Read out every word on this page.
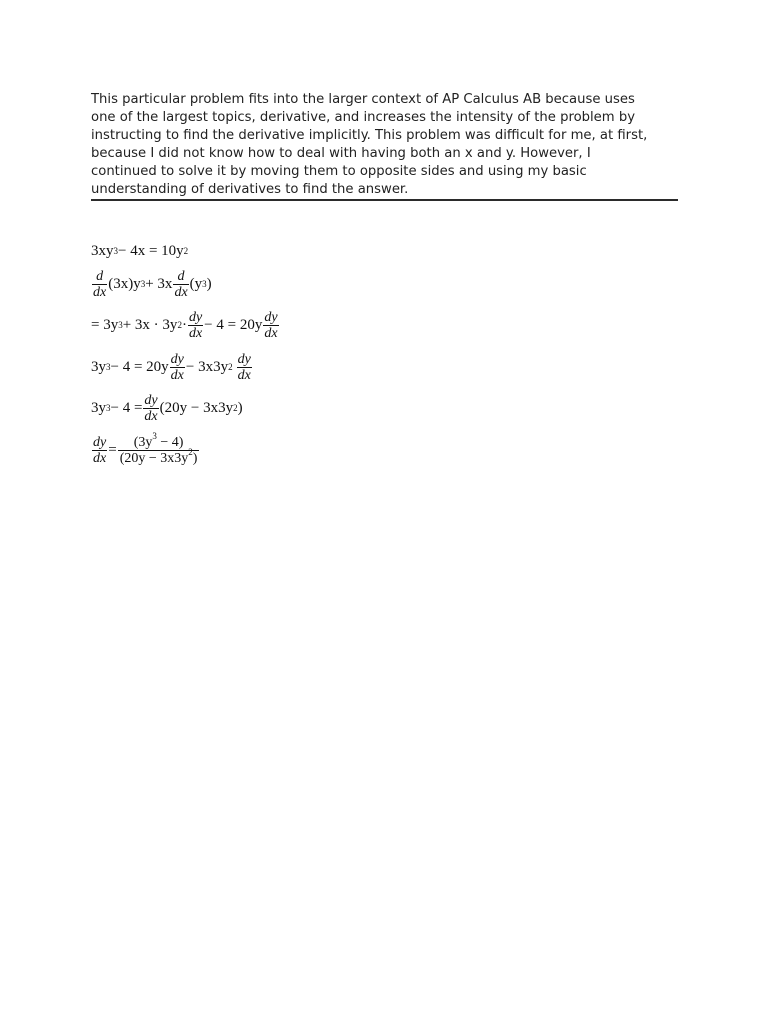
This particular problem fits into the larger context of AP Calculus AB because uses
one of the largest topics, derivative, and increases the intensity of the problem by
instructing to find the derivative implicitly. This problem was difficult for me, at first,
because I did not know how to deal with having both an x and y. However, I
continued to solve it by moving them to opposite sides and using my basic
understanding of derivatives to find the answer.
3xy 3 − 4x = 10y 2
$\frac{d}{dx} (3x)y$ $3 + 3x \frac{d}{dx} (y$ 3 )
= 3y 3 + 3x · 3y $2 \cdot \frac{dy}{dx} - 4 = 20y \frac{dy}{dx}$
3y $3 - 4 = 20y \frac{dy}{dx} - 3x3y$ $2 \frac{dy}{dx}$
3y $3 - 4 = \frac{dy}{dx} (20y - 3x3y$ 2 )
$\frac{dy}{dx} = \frac{(3y^3 - 4)}{(20y - 3x3y^2)}$
